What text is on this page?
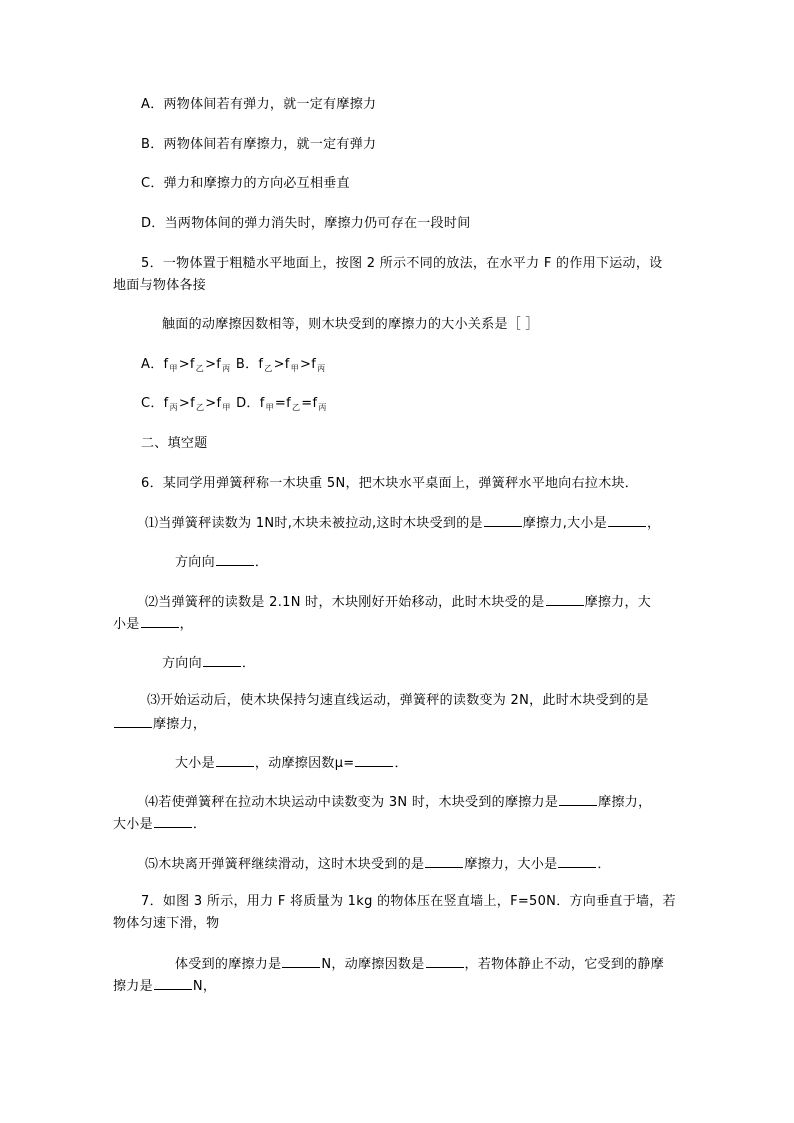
A．两物体间若有弹力，就一定有摩擦力
B．两物体间若有摩擦力，就一定有弹力
C．弹力和摩擦力的方向必互相垂直
D．当两物体间的弹力消失时，摩擦力仍可存在一段时间
5．一物体置于粗糙水平地面上，按图 2 所示不同的放法，在水平力 F 的作用下运动，设
地面与物体各接
触面的动摩擦因数相等，则木块受到的摩擦力的大小关系是［ ］
A．$f_甲>f_乙>f_丙$ B．$f_乙>f_甲>f_丙$
C．$f_丙>f_乙>f_甲$ D．$f_甲=f_乙=f_丙$
二、填空题
6．某同学用弹簧秤称一木块重 5N，把木块水平桌面上，弹簧秤水平地向右拉木块．
⑴当弹簧秤读数为 1N时,木块未被拉动,这时木块受到的是	摩擦力,大小是	，
方向向	．
⑵当弹簧秤的读数是 2.1N 时，木块刚好开始移动，此时木块受的是	摩擦力，大
小是	，
方向向	．
⑶开始运动后，使木块保持匀速直线运动，弹簧秤的读数变为 2N，此时木块受到的是
摩擦力，
大小是	，动摩擦因数μ=	．
⑷若使弹簧秤在拉动木块运动中读数变为 3N 时，木块受到的摩擦力是	摩擦力，
大小是	．
⑸木块离开弹簧秤继续滑动，这时木块受到的是	摩擦力，大小是	．
7．如图 3 所示，用力 F 将质量为 1kg 的物体压在竖直墙上，F=50N．方向垂直于墙，若
物体匀速下滑，物
体受到的摩擦力是	N，动摩擦因数是	，若物体静止不动，它受到的静摩
擦力是	N，
